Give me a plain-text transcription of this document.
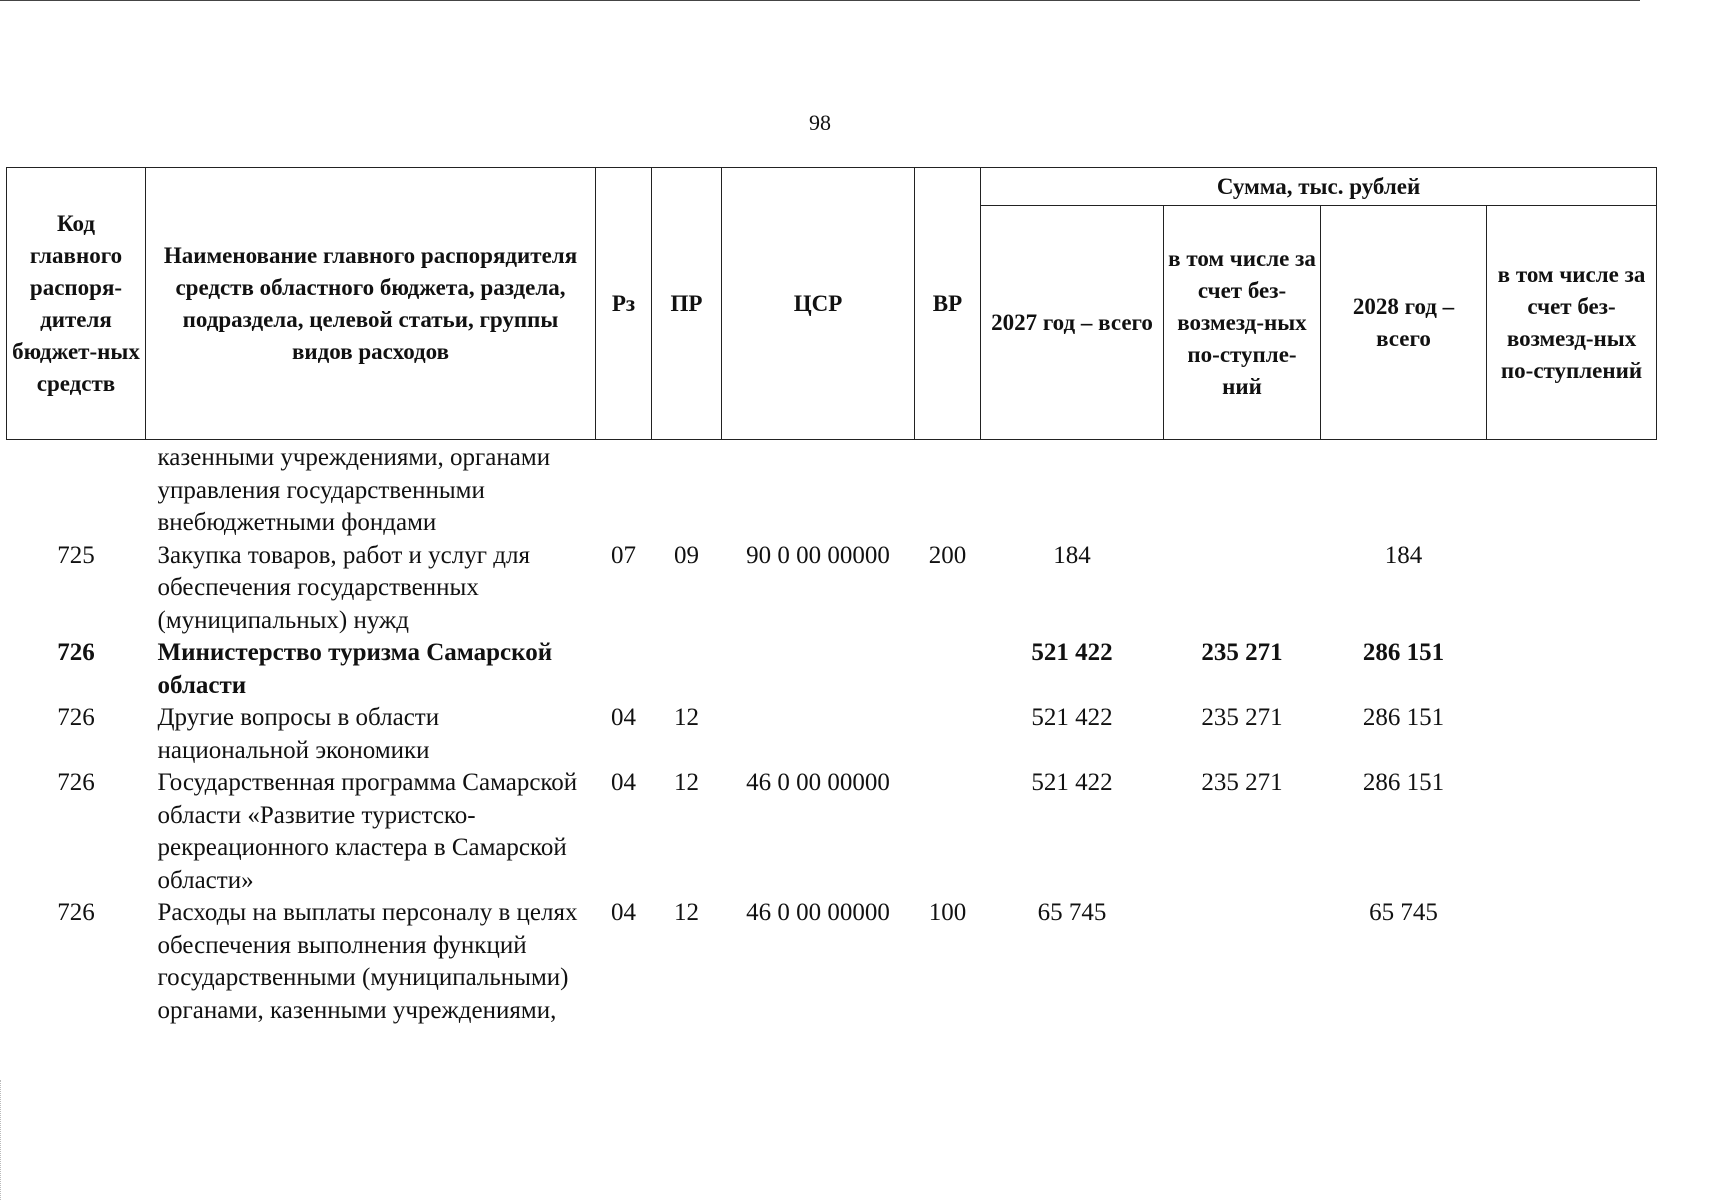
98
Код главного распоря-дителя бюджет-ных средств	Наименование главного распорядителя средств областного бюджета, раздела, подраздела, целевой статьи, группы видов расходов	Рз	ПР	ЦСР	ВР	Сумма, тыс. рублей			
						2027 год – всего	в том числе за счет без-возмезд-ных по-ступле-ний	2028 год – всего	в том числе за счет без-возмезд-ных по-ступлений
	казенными учреждениями, органами управления государственными внебюджетными фондами								
725	Закупка товаров, работ и услуг для обеспечения государственных (муниципальных) нужд	07	09	90 0 00 00000	200	184		184	
726	Министерство туризма Самарской области					521 422	235 271	286 151	
726	Другие вопросы в области национальной экономики	04	12			521 422	235 271	286 151	
726	Государственная программа Самарской области «Развитие туристско-рекреационного кластера в Самарской области»	04	12	46 0 00 00000		521 422	235 271	286 151	
726	Расходы на выплаты персоналу в целях обеспечения выполнения функций государственными (муниципальными) органами, казенными учреждениями,	04	12	46 0 00 00000	100	65 745		65 745	
